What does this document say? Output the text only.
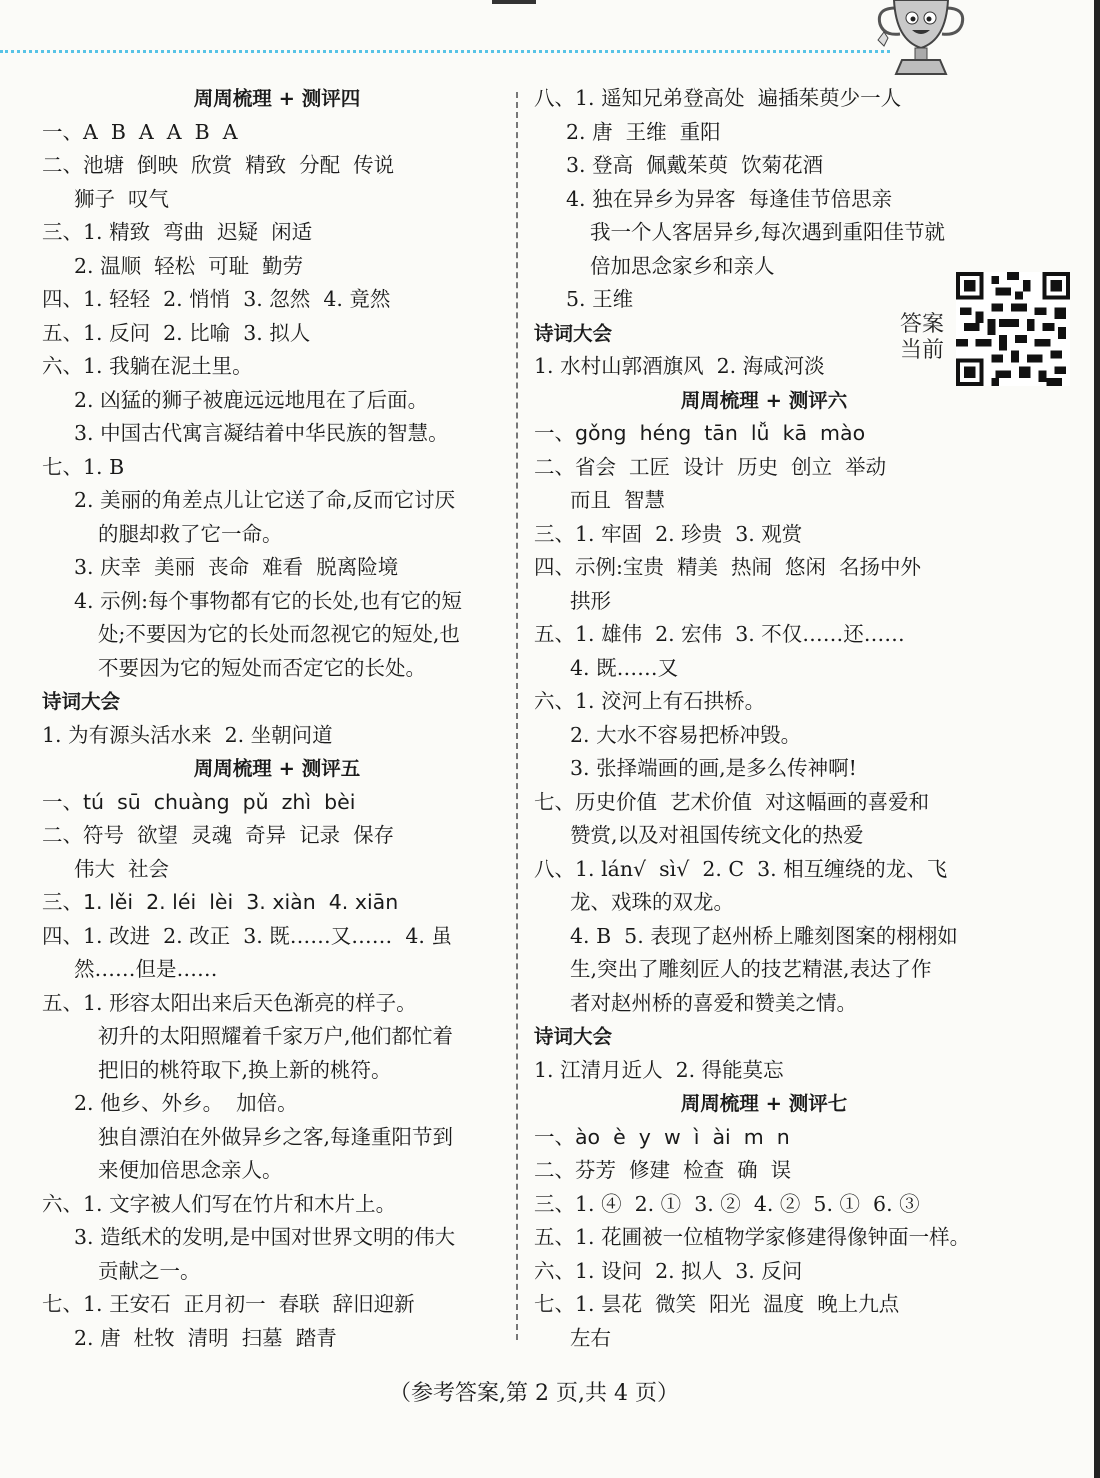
周周梳理 + 测评四
一、A  B  A  A  B  A
二、池塘  倒映  欣赏  精致  分配  传说
狮子  叹气
三、1. 精致  弯曲  迟疑  闲适
2. 温顺  轻松  可耻  勤劳
四、1. 轻轻  2. 悄悄  3. 忽然  4. 竟然
五、1. 反问  2. 比喻  3. 拟人
六、1. 我躺在泥土里。
2. 凶猛的狮子被鹿远远地甩在了后面。
3. 中国古代寓言凝结着中华民族的智慧。
七、1. B
2. 美丽的角差点儿让它送了命,反而它讨厌
的腿却救了它一命。
3. 庆幸  美丽  丧命  难看  脱离险境
4. 示例:每个事物都有它的长处,也有它的短
处;不要因为它的长处而忽视它的短处,也
不要因为它的短处而否定它的长处。
诗词大会
1. 为有源头活水来  2. 坐朝问道
周周梳理 + 测评五
一、tú  sū  chuàng  pǔ  zhì  bèi
二、符号  欲望  灵魂  奇异  记录  保存
伟大  社会
三、1. lěi  2. léi  lèi  3. xiàn  4. xiān
四、1. 改进  2. 改正  3. 既……又……  4. 虽
然……但是……
五、1. 形容太阳出来后天色渐亮的样子。
初升的太阳照耀着千家万户,他们都忙着
把旧的桃符取下,换上新的桃符。
2. 他乡、外乡。  加倍。
独自漂泊在外做异乡之客,每逢重阳节到
来便加倍思念亲人。
六、1. 文字被人们写在竹片和木片上。
3. 造纸术的发明,是中国对世界文明的伟大
贡献之一。
七、1. 王安石  正月初一  春联  辞旧迎新
2. 唐  杜牧  清明  扫墓  踏青
八、1. 遥知兄弟登高处  遍插茱萸少一人
2. 唐  王维  重阳
3. 登高  佩戴茱萸  饮菊花酒
4. 独在异乡为异客  每逢佳节倍思亲
我一个人客居异乡,每次遇到重阳佳节就
倍加思念家乡和亲人
5. 王维
诗词大会
1. 水村山郭酒旗风  2. 海咸河淡
周周梳理 + 测评六
一、gǒng  héng  tān  lǚ  kā  mào
二、省会  工匠  设计  历史  创立  举动
而且  智慧
三、1. 牢固  2. 珍贵  3. 观赏
四、示例:宝贵  精美  热闹  悠闲  名扬中外
拱形
五、1. 雄伟  2. 宏伟  3. 不仅……还……
4. 既……又
六、1. 洨河上有石拱桥。
2. 大水不容易把桥冲毁。
3. 张择端画的画,是多么传神啊!
七、历史价值  艺术价值  对这幅画的喜爱和
赞赏,以及对祖国传统文化的热爱
八、1. lán√  sì√  2. C  3. 相互缠绕的龙、飞
龙、戏珠的双龙。
4. B  5. 表现了赵州桥上雕刻图案的栩栩如
生,突出了雕刻匠人的技艺精湛,表达了作
者对赵州桥的喜爱和赞美之情。
诗词大会
1. 江清月近人  2. 得能莫忘
周周梳理 + 测评七
一、ào  è  y  w  ì  ài  m  n
二、芬芳  修建  检查  确  误
三、1. ④  2. ①  3. ②  4. ②  5. ①  6. ③
五、1. 花圃被一位植物学家修建得像钟面一样。
六、1. 设问  2. 拟人  3. 反问
七、1. 昙花  微笑  阳光  温度  晚上九点
左右
答案当前
（参考答案,第 2 页,共 4 页）
